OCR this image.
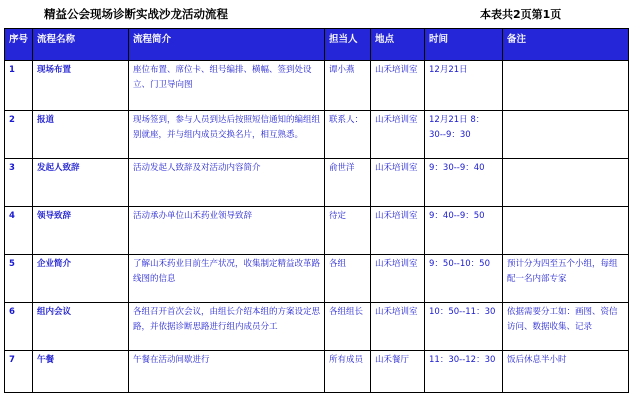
精益公会现场诊断实战沙龙活动流程	本表共2页第1页
序号	流程名称	流程简介	担当人	地点	时间	备注
1	现场布置	座位布置、席位卡、组号编排、横幅、签到处设立、门卫导向图	谭小燕	山禾培训室	12月21日	
2	报道	现场签到，参与人员到达后按照短信通知的编组组别就座，并与组内成员交换名片，相互熟悉。	联系人：	山禾培训室	12月21日 8：30--9：30	
3	发起人致辞	活动发起人致辞及对活动内容简介	俞世洋	山禾培训室	9：30--9：40	
4	领导致辞	活动承办单位山禾药业领导致辞	待定	山禾培训室	9：40--9：50	
5	企业简介	了解山禾药业目前生产状况，收集制定精益改革路线图的信息	各组	山禾培训室	9：50--10：50	预计分为四至五个小组，每组配一名内部专家
6	组内会议	各组召开首次会议，由组长介绍本组的方案设定思路，并依据诊断思路进行组内成员分工	各组组长	山禾培训室	10：50--11：30	依据需要分工如：画图、资信访问、数据收集、记录
7	午餐	午餐在活动间歇进行	所有成员	山禾餐厅	11：30--12：30	饭后休息半小时
